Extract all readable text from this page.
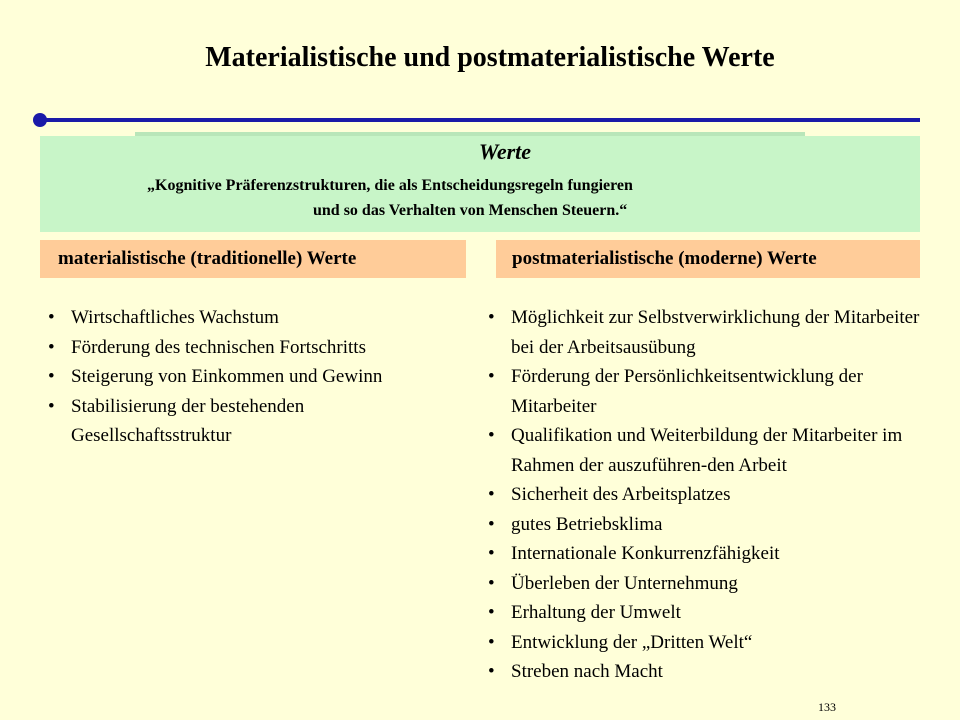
Materialistische und postmaterialistische Werte
Werte
„Kognitive Präferenzstrukturen, die als Entscheidungsregeln fungieren
und so das Verhalten von Menschen Steuern.“
materialistische (traditionelle) Werte	postmaterialistische (moderne) Werte
• Wirtschaftliches Wachstum
• Förderung des technischen Fortschritts
• Steigerung von Einkommen und Gewinn
• Stabilisierung der bestehenden Gesellschaftsstruktur
• Möglichkeit zur Selbstverwirklichung der Mitarbeiter bei der Arbeitsausübung
• Förderung der Persönlichkeitsentwicklung der Mitarbeiter
• Qualifikation und Weiterbildung der Mitarbeiter im Rahmen der auszuführen-den Arbeit
• Sicherheit des Arbeitsplatzes
• gutes Betriebsklima
• Internationale Konkurrenzfähigkeit
• Überleben der Unternehmung
• Erhaltung der Umwelt
• Entwicklung der „Dritten Welt“
• Streben nach Macht
133
